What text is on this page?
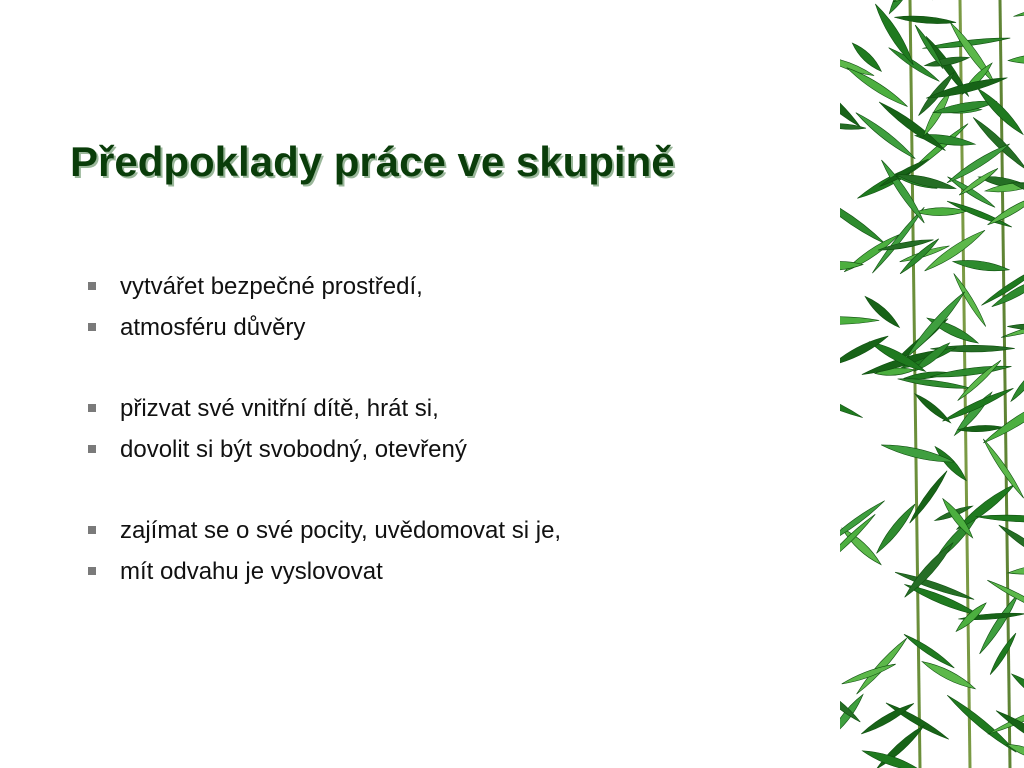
Předpoklady práce ve skupině
vytvářet bezpečné prostředí,
atmosféru důvěry
přizvat své vnitřní dítě, hrát si,
dovolit si být svobodný, otevřený
zajímat se o své pocity, uvědomovat si je,
mít odvahu je vyslovovat
